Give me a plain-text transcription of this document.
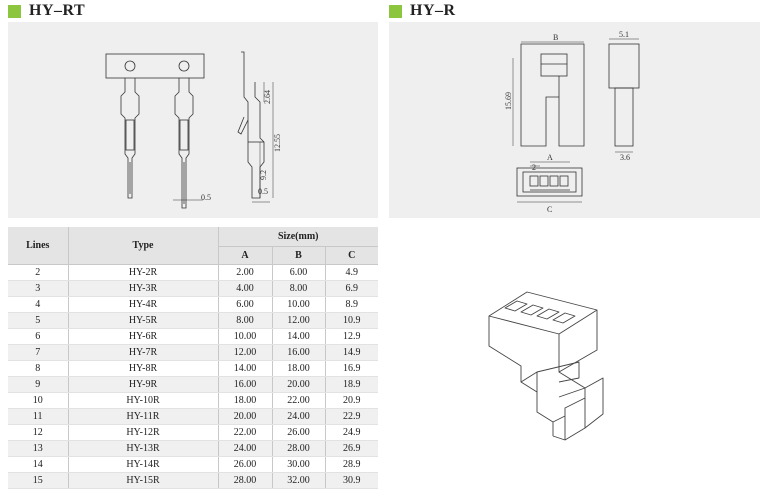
HY–RT	HY–R
0.5
2.64
12.55
9.2
0.5
B
15.69
5.1
3.6
A
2
C
Lines	Type	Size(mm)		
		A	B	C
2	HY-2R	2.00	6.00	4.9
3	HY-3R	4.00	8.00	6.9
4	HY-4R	6.00	10.00	8.9
5	HY-5R	8.00	12.00	10.9
6	HY-6R	10.00	14.00	12.9
7	HY-7R	12.00	16.00	14.9
8	HY-8R	14.00	18.00	16.9
9	HY-9R	16.00	20.00	18.9
10	HY-10R	18.00	22.00	20.9
11	HY-11R	20.00	24.00	22.9
12	HY-12R	22.00	26.00	24.9
13	HY-13R	24.00	28.00	26.9
14	HY-14R	26.00	30.00	28.9
15	HY-15R	28.00	32.00	30.9
